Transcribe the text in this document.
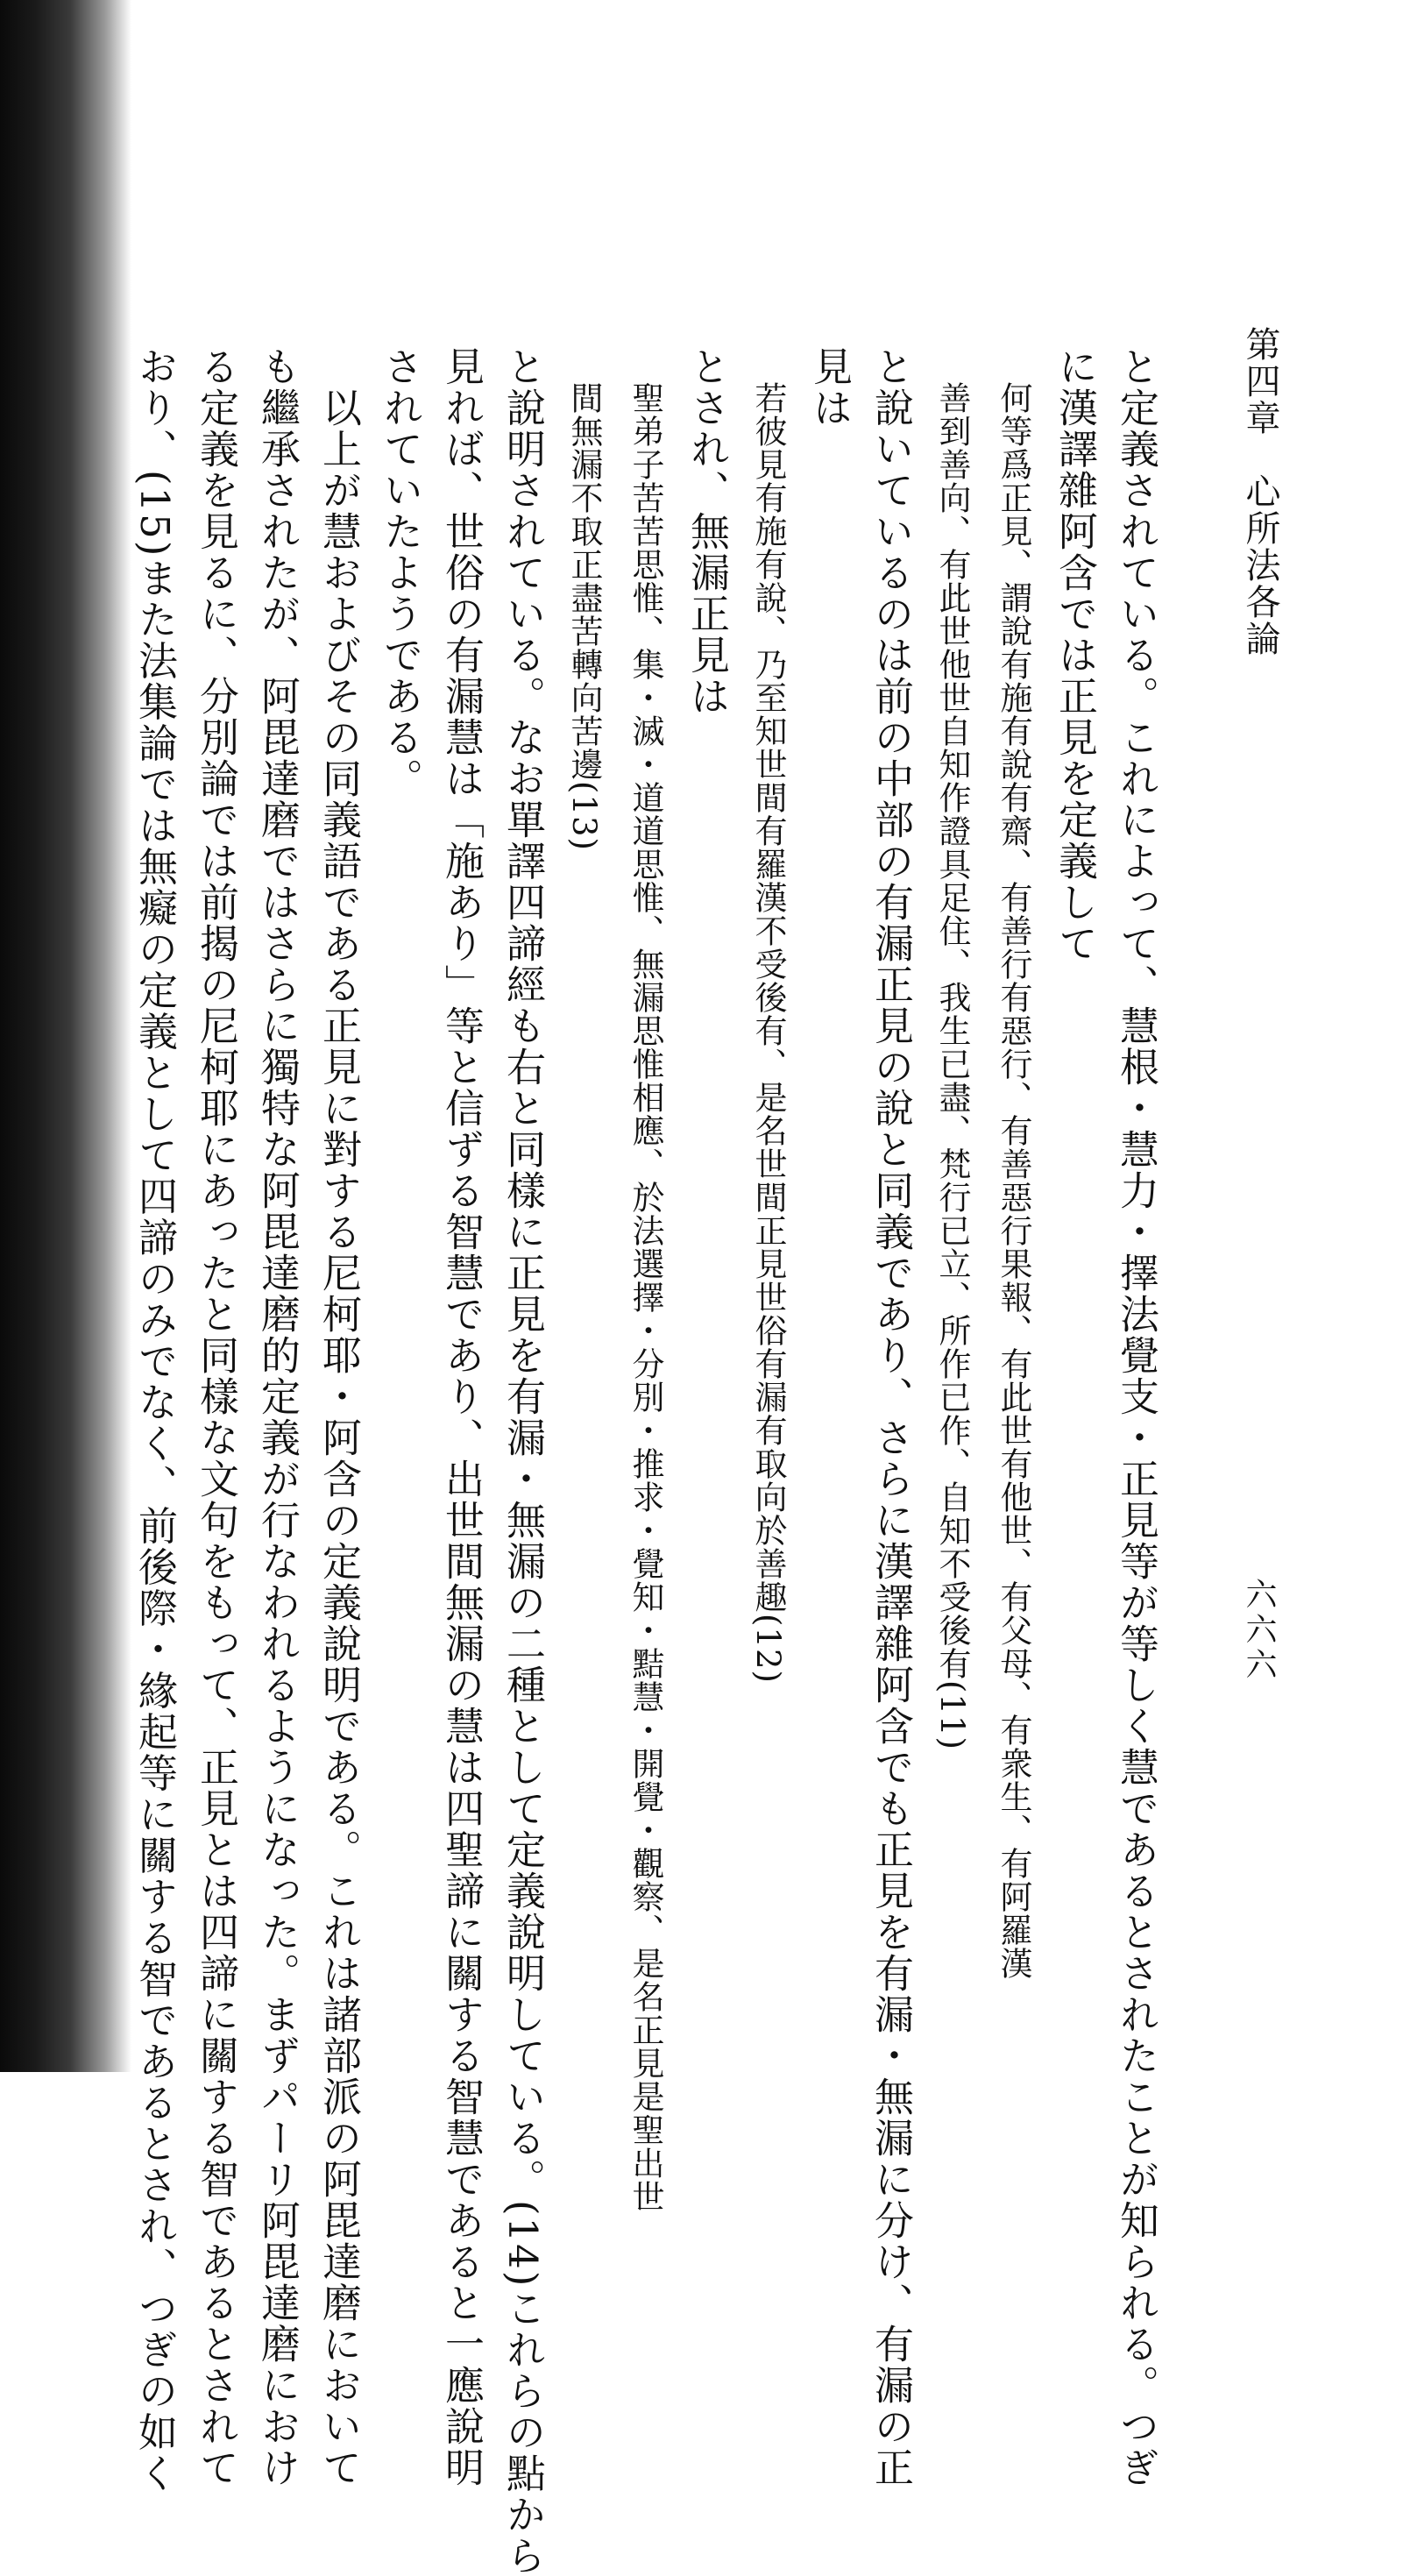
第四章　心所法各論
六六六
と定義されている。これによって、慧根・慧力・擇法覺支・正見等が等しく慧であるとされたことが知られる。つぎ
に漢譯雜阿含では正見を定義して
何等爲正見、謂說有施有說有齋、有善行有惡行、有善惡行果報、有此世有他世、有父母、有衆生、有阿羅漢
善到善向、有此世他世自知作證具足住、我生已盡、梵行已立、所作已作、自知不受後有(11)
と說いているのは前の中部の有漏正見の說と同義であり、さらに漢譯雜阿含でも正見を有漏・無漏に分け、有漏の正
見は
若彼見有施有說、乃至知世間有羅漢不受後有、是名世間正見世俗有漏有取向於善趣(12)
とされ、無漏正見は
聖弟子苦苦思惟、集・滅・道道思惟、無漏思惟相應、於法選擇・分別・推求・覺知・黠慧・開覺・觀察、是名正見是聖出世
間無漏不取正盡苦轉向苦邊(13)
と說明されている。なお單譯四諦經も右と同樣に正見を有漏・無漏の二種として定義說明している。(14)これらの點から
見れば、世俗の有漏慧は「施あり」等と信ずる智慧であり、出世間無漏の慧は四聖諦に關する智慧であると一應說明
されていたようである。
　以上が慧およびその同義語である正見に對する尼柯耶・阿含の定義說明である。これは諸部派の阿毘達磨において
も繼承されたが、阿毘達磨ではさらに獨特な阿毘達磨的定義が行なわれるようになった。まずパーリ阿毘達磨におけ
る定義を見るに、分別論では前揭の尼柯耶にあったと同樣な文句をもって、正見とは四諦に關する智であるとされて
おり、(15)また法集論では無癡の定義として四諦のみでなく、前後際・緣起等に關する智であるとされ、つぎの如く
